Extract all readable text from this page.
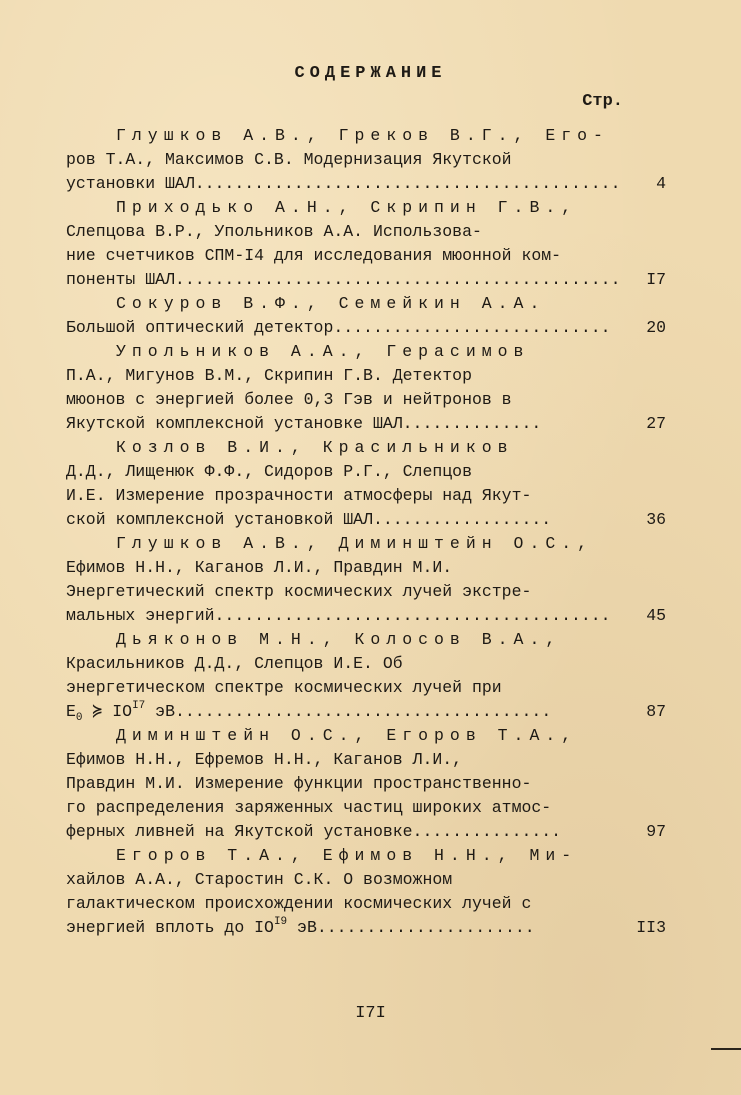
СОДЕРЖАНИЕ
Стр.
Глушков А.В., Греков В.Г., Его-
ров Т.А., Максимов С.В. Модернизация Якутской
установки ШАЛ...........................................	4
Приходько А.Н., Скрипин Г.В.,
Слепцова В.Р., Упольников А.А. Использова-
ние счетчиков СПМ-I4 для исследования мюонной ком-
поненты ШАЛ.............................................	I7
Сокуров В.Ф., Семейкин А.А.
Большой оптический детектор............................	20
Упольников А.А., Герасимов
П.А., Мигунов В.М., Скрипин Г.В. Детектор
мюонов с энергией более 0,3 Гэв и нейтронов в
Якутской комплексной установке ШАЛ..............	27
Козлов В.И., Красильников
Д.Д., Лищенюк Ф.Ф., Сидоров Р.Г., Слепцов
И.Е. Измерение прозрачности атмосферы над Якут-
ской комплексной установкой ШАЛ..................	36
Глушков А.В., Диминштейн О.С.,
Ефимов Н.Н., Каганов Л.И., Правдин М.И.
Энергетический спектр космических лучей экстре-
мальных энергий........................................	45
Дьяконов М.Н., Колосов В.А.,
Красильников Д.Д., Слепцов И.Е. Об
энергетическом спектре космических лучей при
$E_0$ ≽ $IO^{I7}$ эВ......................................	87
Диминштейн О.С., Егоров Т.А.,
Ефимов Н.Н., Ефремов Н.Н., Каганов Л.И.,
Правдин М.И. Измерение функции пространственно-
го распределения заряженных частиц широких атмос-
ферных ливней на Якутской установке...............	97
Егоров Т.А., Ефимов Н.Н., Ми-
хайлов А.А., Старостин С.К. О возможном
галактическом происхождении космических лучей с
энергией вплоть до $IO^{I9}$ эВ......................	II3
I7I
